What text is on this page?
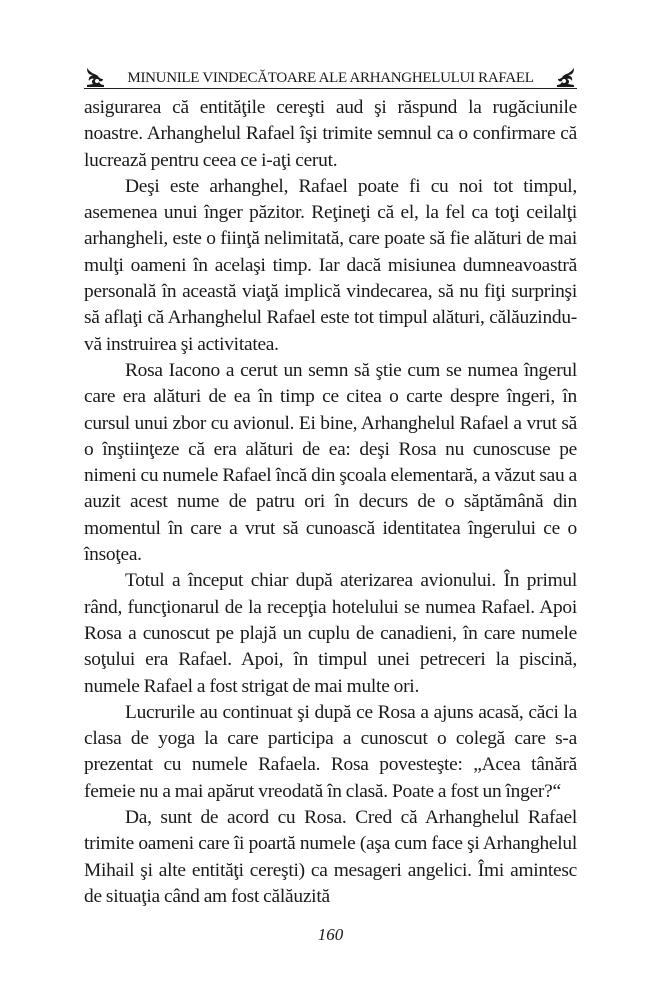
MINUNILE VINDECĂTOARE ALE ARHANGHELULUI RAFAEL

asigurarea că entităţile cereşti aud şi răspund la rugăciunile noastre. Arhanghelul Rafael îşi trimite semnul ca o confirmare că lucrează pentru ceea ce i-aţi cerut.

Deşi este arhanghel, Rafael poate fi cu noi tot timpul, asemenea unui înger păzitor. Reţineţi că el, la fel ca toţi ceilalţi arhangheli, este o fiinţă nelimitată, care poate să fie alături de mai mulţi oameni în acelaşi timp. Iar dacă misiunea dumneavoastră personală în această viaţă implică vindecarea, să nu fiţi surprinşi să aflaţi că Arhanghelul Rafael este tot timpul alături, călăuzindu-vă instruirea şi activitatea.

Rosa Iacono a cerut un semn să ştie cum se numea îngerul care era alături de ea în timp ce citea o carte despre îngeri, în cursul unui zbor cu avionul. Ei bine, Arhanghelul Rafael a vrut să o înştiinţeze că era alături de ea: deşi Rosa nu cunoscuse pe nimeni cu numele Rafael încă din şcoala elementară, a văzut sau a auzit acest nume de patru ori în decurs de o săptămână din momentul în care a vrut să cunoască identitatea îngerului ce o însoţea.

Totul a început chiar după aterizarea avionului. În primul rând, funcţionarul de la recepţia hotelului se numea Rafael. Apoi Rosa a cunoscut pe plajă un cuplu de canadieni, în care numele soţului era Rafael. Apoi, în timpul unei petreceri la piscină, numele Rafael a fost strigat de mai multe ori.

Lucrurile au continuat şi după ce Rosa a ajuns acasă, căci la clasa de yoga la care participa a cunoscut o colegă care s-a prezentat cu numele Rafaela. Rosa povesteşte: „Acea tânără femeie nu a mai apărut vreodată în clasă. Poate a fost un înger?“

Da, sunt de acord cu Rosa. Cred că Arhanghelul Rafael trimite oameni care îi poartă numele (aşa cum face şi Arhanghelul Mihail şi alte entităţi cereşti) ca mesageri angelici. Îmi amintesc de situaţia când am fost călăuzită

160
